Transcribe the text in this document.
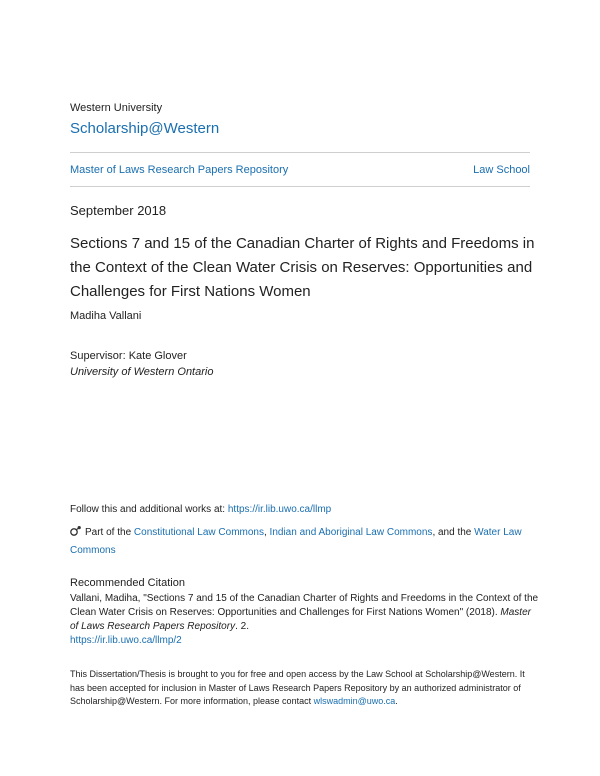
Western University
Scholarship@Western
Master of Laws Research Papers Repository	Law School
September 2018
Sections 7 and 15 of the Canadian Charter of Rights and Freedoms in the Context of the Clean Water Crisis on Reserves: Opportunities and Challenges for First Nations Women
Madiha Vallani
Supervisor: Kate Glover
University of Western Ontario
Follow this and additional works at: https://ir.lib.uwo.ca/llmp
Part of the Constitutional Law Commons, Indian and Aboriginal Law Commons, and the Water Law Commons
Recommended Citation
Vallani, Madiha, "Sections 7 and 15 of the Canadian Charter of Rights and Freedoms in the Context of the Clean Water Crisis on Reserves: Opportunities and Challenges for First Nations Women" (2018). Master of Laws Research Papers Repository. 2.
https://ir.lib.uwo.ca/llmp/2
This Dissertation/Thesis is brought to you for free and open access by the Law School at Scholarship@Western. It has been accepted for inclusion in Master of Laws Research Papers Repository by an authorized administrator of Scholarship@Western. For more information, please contact wlswadmin@uwo.ca.
